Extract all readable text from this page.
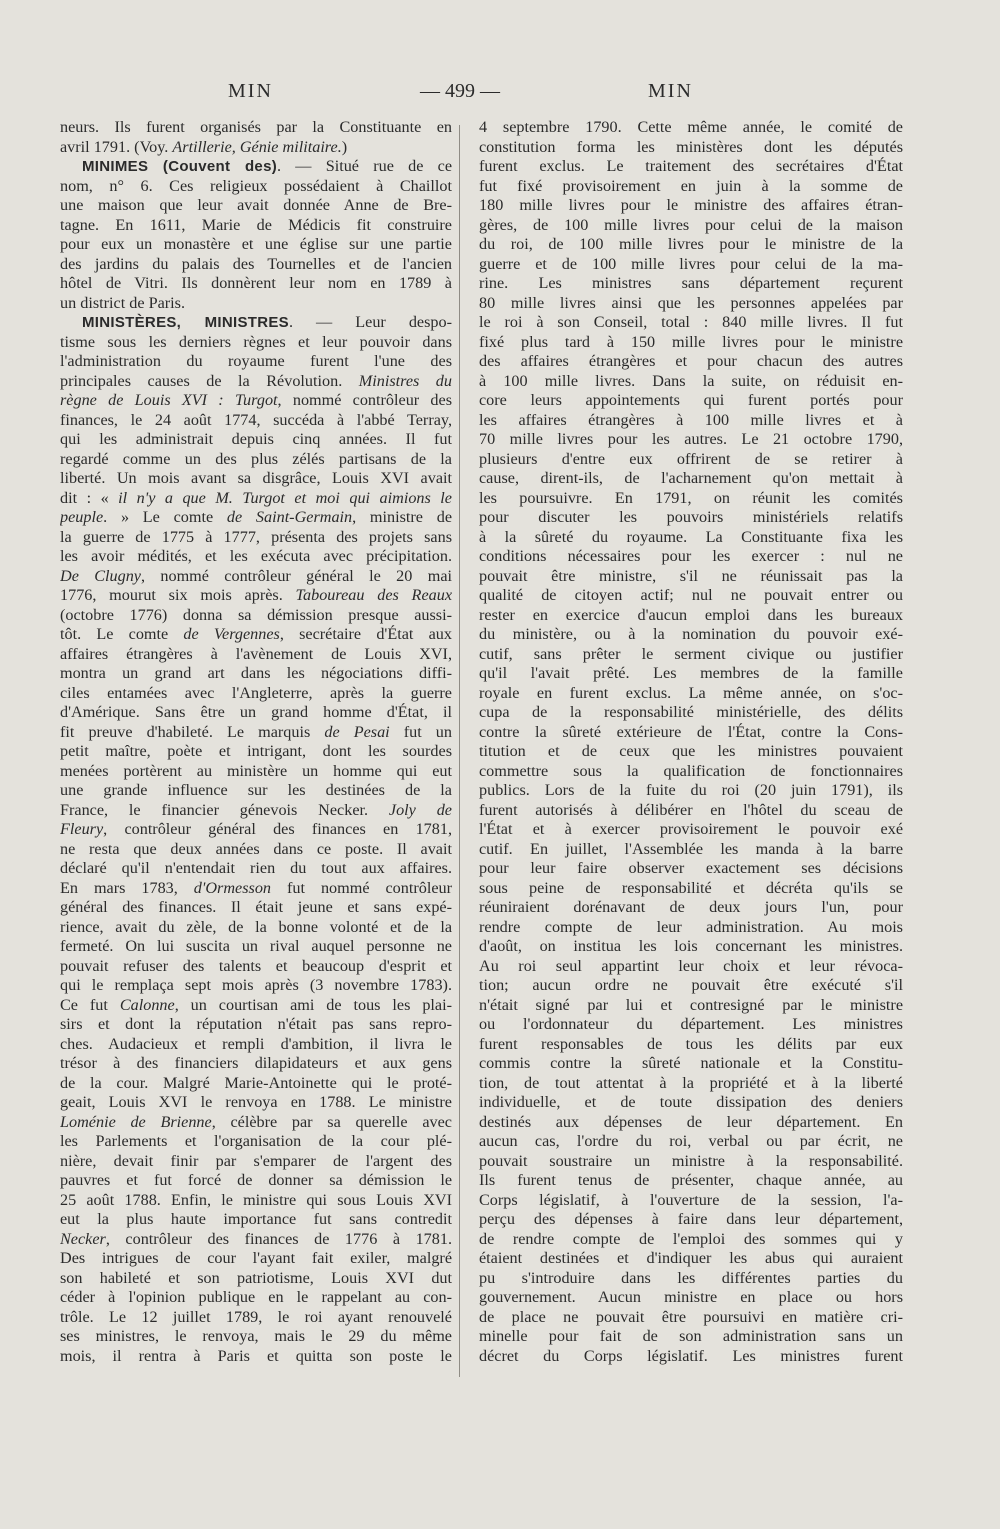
MIN	— 499 —	MIN
neurs. Ils furent organisés par la Constituante en
avril 1791. (Voy. Artillerie, Génie militaire.)
MINIMES (Couvent des). — Situé rue de ce
nom, n° 6. Ces religieux possédaient à Chaillot
une maison que leur avait donnée Anne de Bre-
tagne. En 1611, Marie de Médicis fit construire
pour eux un monastère et une église sur une partie
des jardins du palais des Tournelles et de l'ancien
hôtel de Vitri. Ils donnèrent leur nom en 1789 à
un district de Paris.
MINISTÈRES, MINISTRES. — Leur despo-
tisme sous les derniers règnes et leur pouvoir dans
l'administration du royaume furent l'une des
principales causes de la Révolution. Ministres du
règne de Louis XVI : Turgot, nommé contrôleur des
finances, le 24 août 1774, succéda à l'abbé Terray,
qui les administrait depuis cinq années. Il fut
regardé comme un des plus zélés partisans de la
liberté. Un mois avant sa disgrâce, Louis XVI avait
dit : « il n'y a que M. Turgot et moi qui aimions le
peuple. » Le comte de Saint-Germain, ministre de
la guerre de 1775 à 1777, présenta des projets sans
les avoir médités, et les exécuta avec précipitation.
De Clugny, nommé contrôleur général le 20 mai
1776, mourut six mois après. Taboureau des Reaux
(octobre 1776) donna sa démission presque aussi-
tôt. Le comte de Vergennes, secrétaire d'État aux
affaires étrangères à l'avènement de Louis XVI,
montra un grand art dans les négociations diffi-
ciles entamées avec l'Angleterre, après la guerre
d'Amérique. Sans être un grand homme d'État, il
fit preuve d'habileté. Le marquis de Pesai fut un
petit maître, poète et intrigant, dont les sourdes
menées portèrent au ministère un homme qui eut
une grande influence sur les destinées de la
France, le financier génevois Necker. Joly de
Fleury, contrôleur général des finances en 1781,
ne resta que deux années dans ce poste. Il avait
déclaré qu'il n'entendait rien du tout aux affaires.
En mars 1783, d'Ormesson fut nommé contrôleur
général des finances. Il était jeune et sans expé-
rience, avait du zèle, de la bonne volonté et de la
fermeté. On lui suscita un rival auquel personne ne
pouvait refuser des talents et beaucoup d'esprit et
qui le remplaça sept mois après (3 novembre 1783).
Ce fut Calonne, un courtisan ami de tous les plai-
sirs et dont la réputation n'était pas sans repro-
ches. Audacieux et rempli d'ambition, il livra le
trésor à des financiers dilapidateurs et aux gens
de la cour. Malgré Marie-Antoinette qui le proté-
geait, Louis XVI le renvoya en 1788. Le ministre
Loménie de Brienne, célèbre par sa querelle avec
les Parlements et l'organisation de la cour plé-
nière, devait finir par s'emparer de l'argent des
pauvres et fut forcé de donner sa démission le
25 août 1788. Enfin, le ministre qui sous Louis XVI
eut la plus haute importance fut sans contredit
Necker, contrôleur des finances de 1776 à 1781.
Des intrigues de cour l'ayant fait exiler, malgré
son habileté et son patriotisme, Louis XVI dut
céder à l'opinion publique en le rappelant au con-
trôle. Le 12 juillet 1789, le roi ayant renouvelé
ses ministres, le renvoya, mais le 29 du même
mois, il rentra à Paris et quitta son poste le
4 septembre 1790. Cette même année, le comité de
constitution forma les ministères dont les députés
furent exclus. Le traitement des secrétaires d'État
fut fixé provisoirement en juin à la somme de
180 mille livres pour le ministre des affaires étran-
gères, de 100 mille livres pour celui de la maison
du roi, de 100 mille livres pour le ministre de la
guerre et de 100 mille livres pour celui de la ma-
rine. Les ministres sans département reçurent
80 mille livres ainsi que les personnes appelées par
le roi à son Conseil, total : 840 mille livres. Il fut
fixé plus tard à 150 mille livres pour le ministre
des affaires étrangères et pour chacun des autres
à 100 mille livres. Dans la suite, on réduisit en-
core leurs appointements qui furent portés pour
les affaires étrangères à 100 mille livres et à
70 mille livres pour les autres. Le 21 octobre 1790,
plusieurs d'entre eux offrirent de se retirer à
cause, dirent-ils, de l'acharnement qu'on mettait à
les poursuivre. En 1791, on réunit les comités
pour discuter les pouvoirs ministériels relatifs
à la sûreté du royaume. La Constituante fixa les
conditions nécessaires pour les exercer : nul ne
pouvait être ministre, s'il ne réunissait pas la
qualité de citoyen actif; nul ne pouvait entrer ou
rester en exercice d'aucun emploi dans les bureaux
du ministère, ou à la nomination du pouvoir exé-
cutif, sans prêter le serment civique ou justifier
qu'il l'avait prêté. Les membres de la famille
royale en furent exclus. La même année, on s'oc-
cupa de la responsabilité ministérielle, des délits
contre la sûreté extérieure de l'État, contre la Cons-
titution et de ceux que les ministres pouvaient
commettre sous la qualification de fonctionnaires
publics. Lors de la fuite du roi (20 juin 1791), ils
furent autorisés à délibérer en l'hôtel du sceau de
l'État et à exercer provisoirement le pouvoir exé
cutif. En juillet, l'Assemblée les manda à la barre
pour leur faire observer exactement ses décisions
sous peine de responsabilité et décréta qu'ils se
réuniraient dorénavant de deux jours l'un, pour
rendre compte de leur administration. Au mois
d'août, on institua les lois concernant les ministres.
Au roi seul appartint leur choix et leur révoca-
tion; aucun ordre ne pouvait être exécuté s'il
n'était signé par lui et contresigné par le ministre
ou l'ordonnateur du département. Les ministres
furent responsables de tous les délits par eux
commis contre la sûreté nationale et la Constitu-
tion, de tout attentat à la propriété et à la liberté
individuelle, et de toute dissipation des deniers
destinés aux dépenses de leur département. En
aucun cas, l'ordre du roi, verbal ou par écrit, ne
pouvait soustraire un ministre à la responsabilité.
Ils furent tenus de présenter, chaque année, au
Corps législatif, à l'ouverture de la session, l'a-
perçu des dépenses à faire dans leur département,
de rendre compte de l'emploi des sommes qui y
étaient destinées et d'indiquer les abus qui auraient
pu s'introduire dans les différentes parties du
gouvernement. Aucun ministre en place ou hors
de place ne pouvait être poursuivi en matière cri-
minelle pour fait de son administration sans un
décret du Corps législatif. Les ministres furent
